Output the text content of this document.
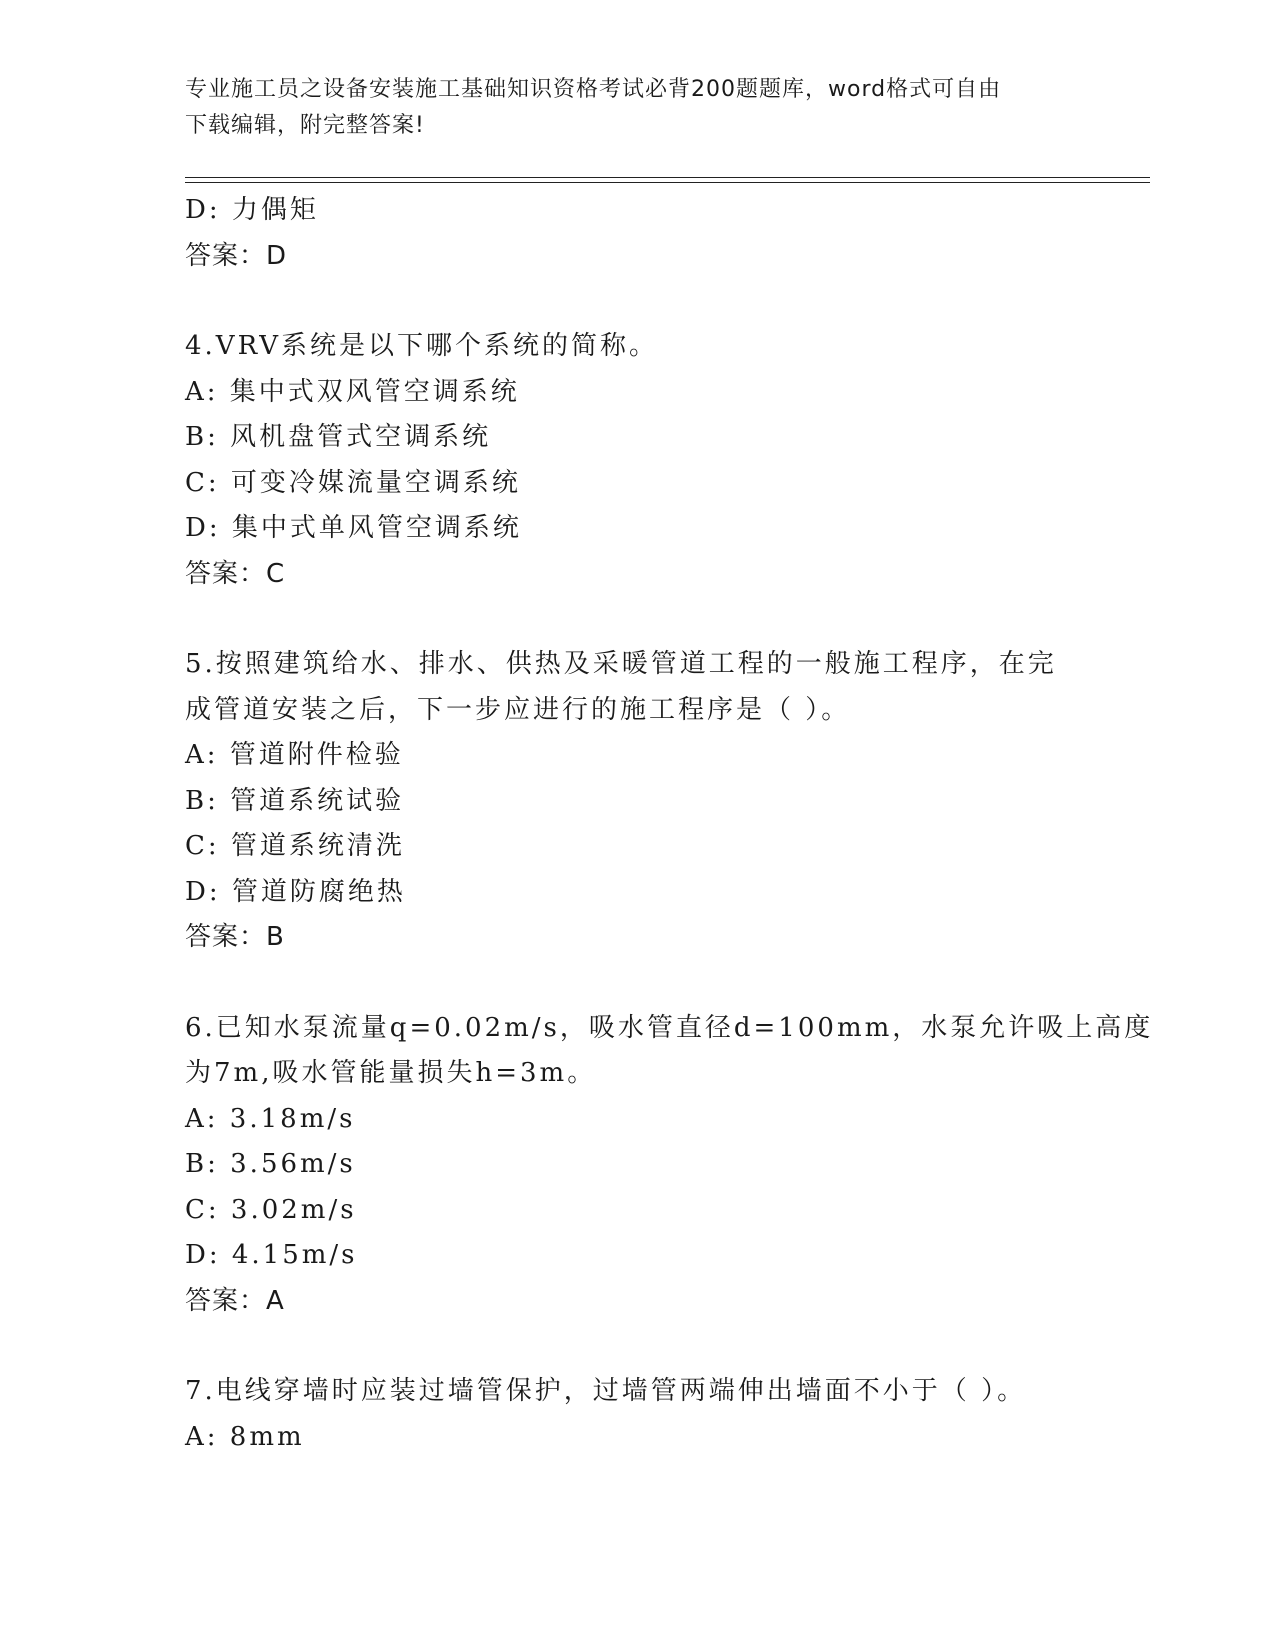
专业施工员之设备安装施工基础知识资格考试必背200题题库，word格式可自由
下载编辑，附完整答案!
D: 力偶矩
答案：D
4.VRV系统是以下哪个系统的简称。
A: 集中式双风管空调系统
B: 风机盘管式空调系统
C: 可变冷媒流量空调系统
D: 集中式单风管空调系统
答案：C
5.按照建筑给水、排水、供热及采暖管道工程的一般施工程序，在完
成管道安装之后，下一步应进行的施工程序是（ ）。
A: 管道附件检验
B: 管道系统试验
C: 管道系统清洗
D: 管道防腐绝热
答案：B
6.已知水泵流量q=0.02m/s，吸水管直径d=100mm，水泵允许吸上高度
为7m,吸水管能量损失h=3m。
A: 3.18m/s
B: 3.56m/s
C: 3.02m/s
D: 4.15m/s
答案：A
7.电线穿墙时应装过墙管保护，过墙管两端伸出墙面不小于（ ）。
A: 8mm
